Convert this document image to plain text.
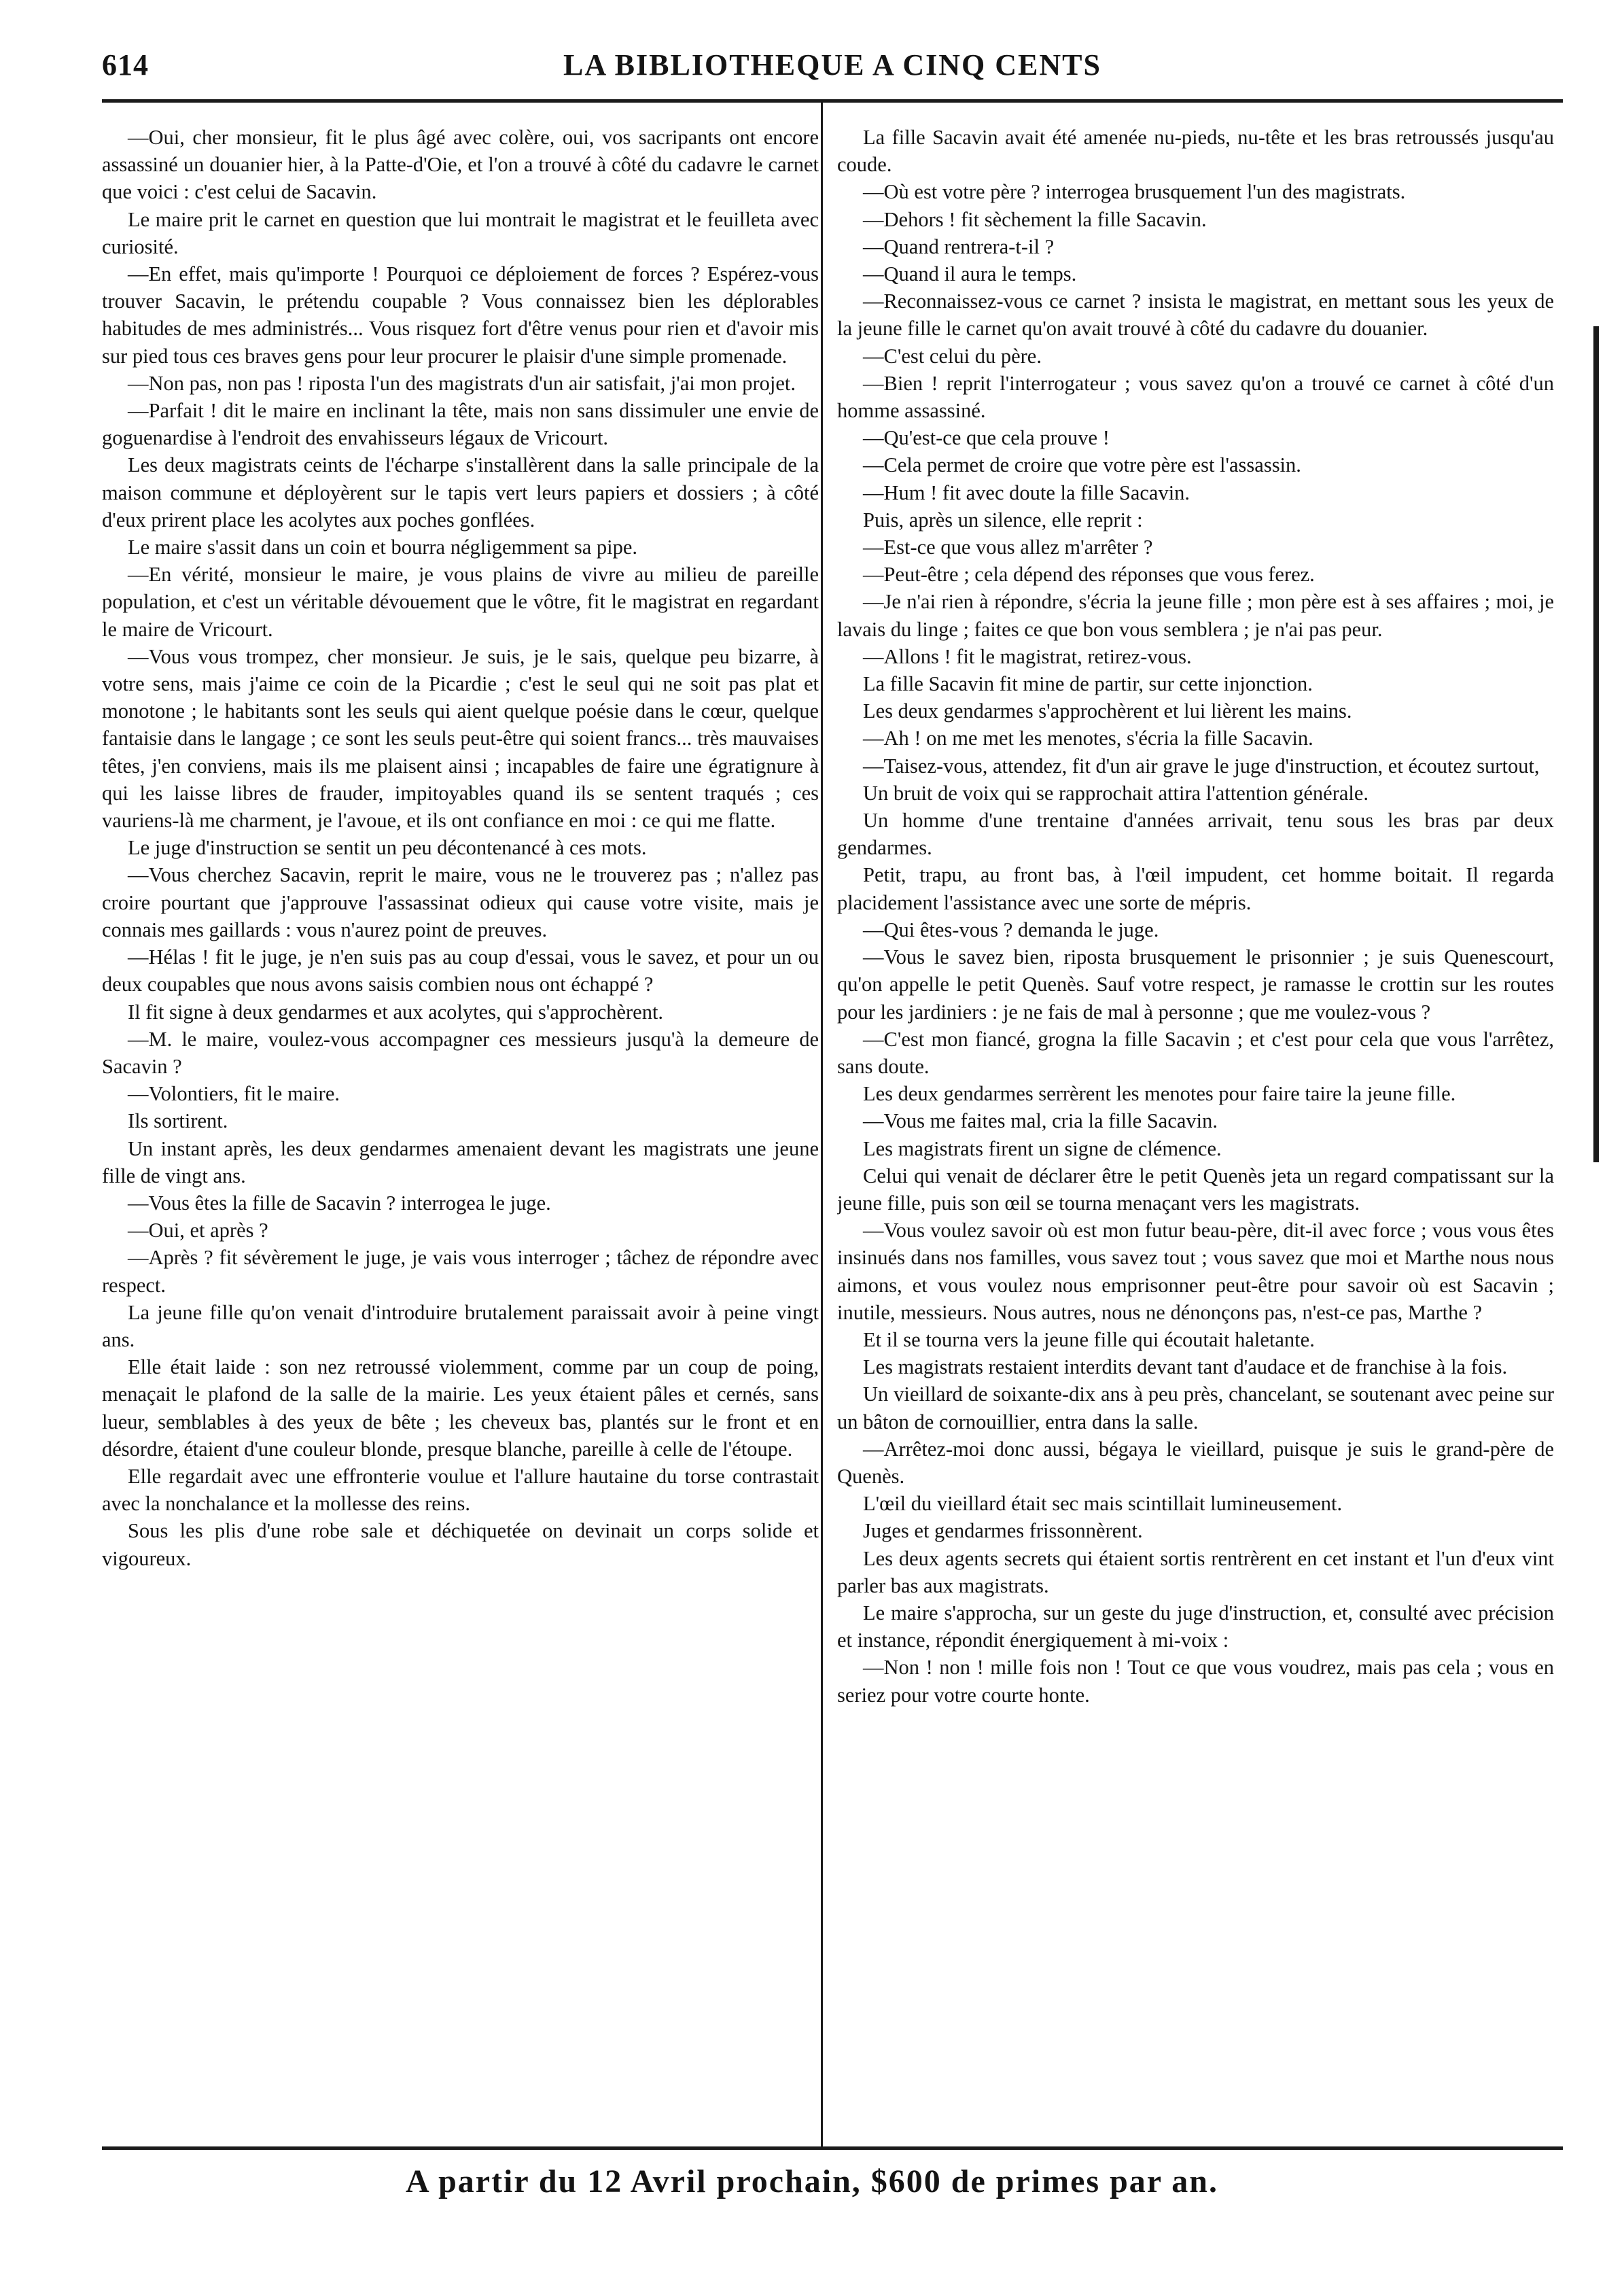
LA BIBLIOTHEQUE A CINQ CENTS
614

—Oui, cher monsieur, fit le plus âgé avec colère, oui, vos sacripants ont encore assassiné un douanier hier, à la Patte-d'Oie, et l'on a trouvé à côté du cadavre le carnet que voici : c'est celui de Sacavin.

Le maire prit le carnet en question que lui montrait le magistrat et le feuilleta avec curiosité.

—En effet, mais qu'importe ! Pourquoi ce déploiement de forces ? Espérez-vous trouver Sacavin, le prétendu coupable ? Vous connaissez bien les déplorables habitudes de mes administrés... Vous risquez fort d'être venus pour rien et d'avoir mis sur pied tous ces braves gens pour leur procurer le plaisir d'une simple promenade.

—Non pas, non pas ! riposta l'un des magistrats d'un air satisfait, j'ai mon projet.

—Parfait ! dit le maire en inclinant la tête, mais non sans dissimuler une envie de goguenardise à l'endroit des envahisseurs légaux de Vricourt.

Les deux magistrats ceints de l'écharpe s'installèrent dans la salle principale de la maison commune et déployèrent sur le tapis vert leurs papiers et dossiers ; à côté d'eux prirent place les acolytes aux poches gonflées.

Le maire s'assit dans un coin et bourra négligemment sa pipe.

—En vérité, monsieur le maire, je vous plains de vivre au milieu de pareille population, et c'est un véritable dévouement que le vôtre, fit le magistrat en regardant le maire de Vricourt.

—Vous vous trompez, cher monsieur. Je suis, je le sais, quelque peu bizarre, à votre sens, mais j'aime ce coin de la Picardie ; c'est le seul qui ne soit pas plat et monotone ; le habitants sont les seuls qui aient quelque poésie dans le cœur, quelque fantaisie dans le langage ; ce sont les seuls peut-être qui soient francs... très mauvaises têtes, j'en conviens, mais ils me plaisent ainsi ; incapables de faire une égratignure à qui les laisse libres de frauder, impitoyables quand ils se sentent traqués ; ces vauriens-là me charment, je l'avoue, et ils ont confiance en moi : ce qui me flatte.

Le juge d'instruction se sentit un peu décontenancé à ces mots.

—Vous cherchez Sacavin, reprit le maire, vous ne le trouverez pas ; n'allez pas croire pourtant que j'approuve l'assassinat odieux qui cause votre visite, mais je connais mes gaillards : vous n'aurez point de preuves.

—Hélas ! fit le juge, je n'en suis pas au coup d'essai, vous le savez, et pour un ou deux coupables que nous avons saisis combien nous ont échappé ?

Il fit signe à deux gendarmes et aux acolytes, qui s'approchèrent.

—M. le maire, voulez-vous accompagner ces messieurs jusqu'à la demeure de Sacavin ?

—Volontiers, fit le maire.

Ils sortirent.

Un instant après, les deux gendarmes amenaient devant les magistrats une jeune fille de vingt ans.

—Vous êtes la fille de Sacavin ? interrogea le juge.

—Oui, et après ?

—Après ? fit sévèrement le juge, je vais vous interroger ; tâchez de répondre avec respect.

La jeune fille qu'on venait d'introduire brutalement paraissait avoir à peine vingt ans.

Elle était laide : son nez retroussé violemment, comme par un coup de poing, menaçait le plafond de la salle de la mairie. Les yeux étaient pâles et cernés, sans lueur, semblables à des yeux de bête ; les cheveux bas, plantés sur le front et en désordre, étaient d'une couleur blonde, presque blanche, pareille à celle de l'étoupe.

Elle regardait avec une effronterie voulue et l'allure hautaine du torse contrastait avec la nonchalance et la mollesse des reins.

Sous les plis d'une robe sale et déchiquetée on devinait un corps solide et vigoureux.

La fille Sacavin avait été amenée nu-pieds, nu-tête et les bras retroussés jusqu'au coude.

—Où est votre père ? interrogea brusquement l'un des magistrats.

—Dehors ! fit sèchement la fille Sacavin.

—Quand rentrera-t-il ?

—Quand il aura le temps.

—Reconnaissez-vous ce carnet ? insista le magistrat, en mettant sous les yeux de la jeune fille le carnet qu'on avait trouvé à côté du cadavre du douanier.

—C'est celui du père.

—Bien ! reprit l'interrogateur ; vous savez qu'on a trouvé ce carnet à côté d'un homme assassiné.

—Qu'est-ce que cela prouve !

—Cela permet de croire que votre père est l'assassin.

—Hum ! fit avec doute la fille Sacavin.

Puis, après un silence, elle reprit :

—Est-ce que vous allez m'arrêter ?

—Peut-être ; cela dépend des réponses que vous ferez.

—Je n'ai rien à répondre, s'écria la jeune fille ; mon père est à ses affaires ; moi, je lavais du linge ; faites ce que bon vous semblera ; je n'ai pas peur.

—Allons ! fit le magistrat, retirez-vous.

La fille Sacavin fit mine de partir, sur cette injonction.

Les deux gendarmes s'approchèrent et lui lièrent les mains.

—Ah ! on me met les menotes, s'écria la fille Sacavin.

—Taisez-vous, attendez, fit d'un air grave le juge d'instruction, et écoutez surtout,

Un bruit de voix qui se rapprochait attira l'attention générale.

Un homme d'une trentaine d'années arrivait, tenu sous les bras par deux gendarmes.

Petit, trapu, au front bas, à l'œil impudent, cet homme boitait. Il regarda placidement l'assistance avec une sorte de mépris.

—Qui êtes-vous ? demanda le juge.

—Vous le savez bien, riposta brusquement le prisonnier ; je suis Quenescourt, qu'on appelle le petit Quenès. Sauf votre respect, je ramasse le crottin sur les routes pour les jardiniers : je ne fais de mal à personne ; que me voulez-vous ?

—C'est mon fiancé, grogna la fille Sacavin ; et c'est pour cela que vous l'arrêtez, sans doute.

Les deux gendarmes serrèrent les menotes pour faire taire la jeune fille.

—Vous me faites mal, cria la fille Sacavin.

Les magistrats firent un signe de clémence.

Celui qui venait de déclarer être le petit Quenès jeta un regard compatissant sur la jeune fille, puis son œil se tourna menaçant vers les magistrats.

—Vous voulez savoir où est mon futur beau-père, dit-il avec force ; vous vous êtes insinués dans nos familles, vous savez tout ; vous savez que moi et Marthe nous nous aimons, et vous voulez nous emprisonner peut-être pour savoir où est Sacavin ; inutile, messieurs. Nous autres, nous ne dénonçons pas, n'est-ce pas, Marthe ?

Et il se tourna vers la jeune fille qui écoutait haletante.

Les magistrats restaient interdits devant tant d'audace et de franchise à la fois.

Un vieillard de soixante-dix ans à peu près, chancelant, se soutenant avec peine sur un bâton de cornouillier, entra dans la salle.

—Arrêtez-moi donc aussi, bégaya le vieillard, puisque je suis le grand-père de Quenès.

L'œil du vieillard était sec mais scintillait lumineusement.

Juges et gendarmes frissonnèrent.

Les deux agents secrets qui étaient sortis rentrèrent en cet instant et l'un d'eux vint parler bas aux magistrats.

Le maire s'approcha, sur un geste du juge d'instruction, et, consulté avec précision et instance, répondit énergiquement à mi-voix :

—Non ! non ! mille fois non ! Tout ce que vous voudrez, mais pas cela ; vous en seriez pour votre courte honte.

A partir du 12 Avril prochain, $600 de primes par an.
